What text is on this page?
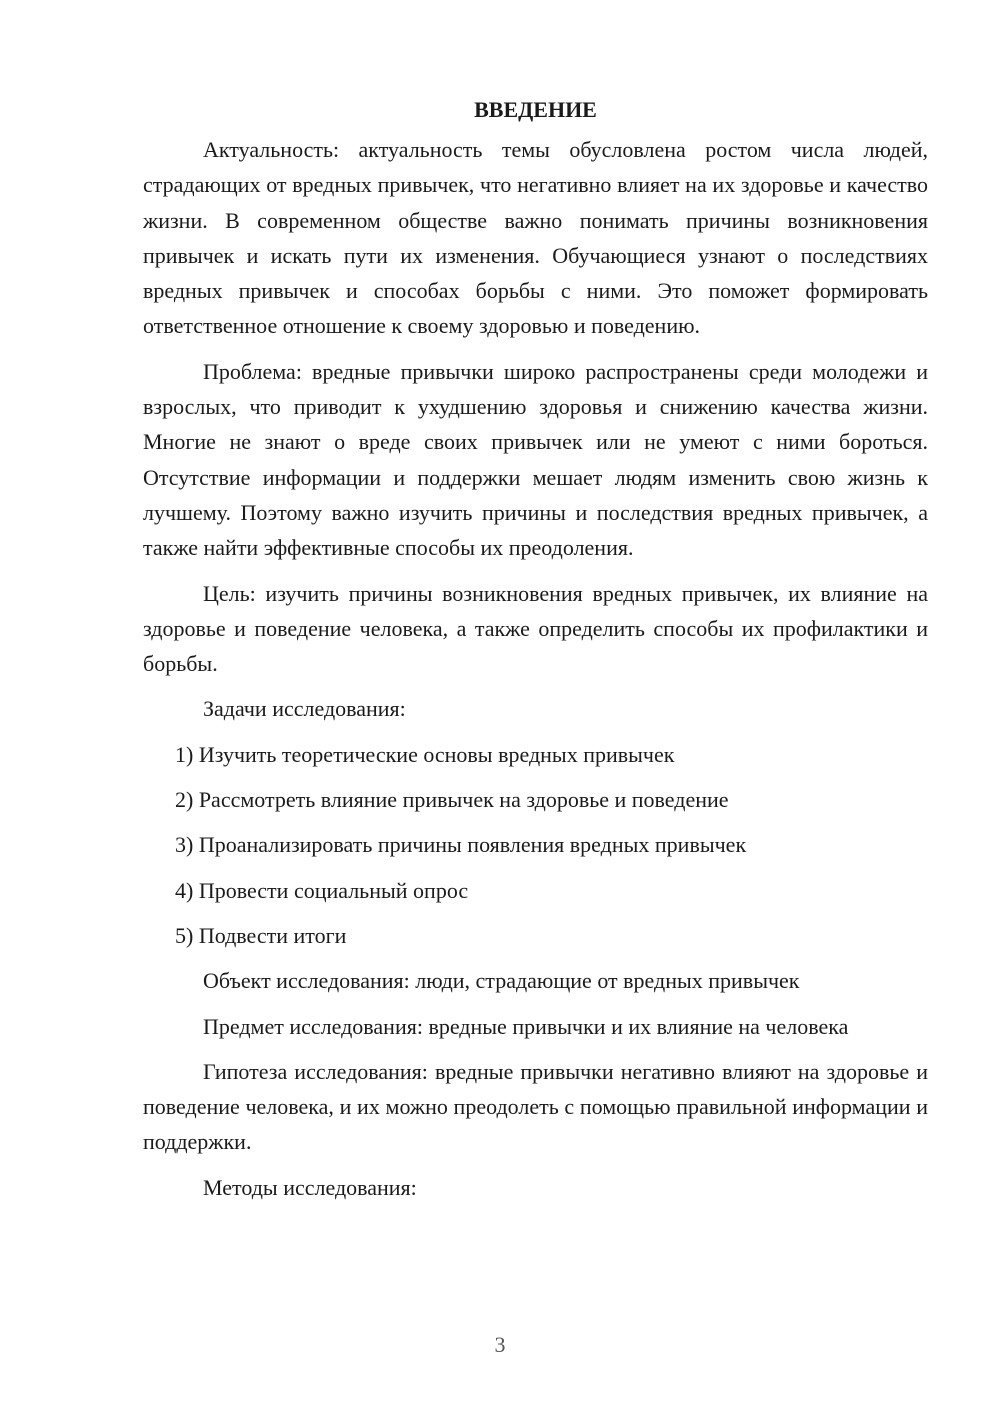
ВВЕДЕНИЕ

Актуальность: актуальность темы обусловлена ростом числа людей, страдающих от вредных привычек, что негативно влияет на их здоровье и качество жизни. В современном обществе важно понимать причины возникновения привычек и искать пути их изменения. Обучающиеся узнают о последствиях вредных привычек и способах борьбы с ними. Это поможет формировать ответственное отношение к своему здоровью и поведению.

Проблема: вредные привычки широко распространены среди молодежи и взрослых, что приводит к ухудшению здоровья и снижению качества жизни. Многие не знают о вреде своих привычек или не умеют с ними бороться. Отсутствие информации и поддержки мешает людям изменить свою жизнь к лучшему. Поэтому важно изучить причины и последствия вредных привычек, а также найти эффективные способы их преодоления.

Цель: изучить причины возникновения вредных привычек, их влияние на здоровье и поведение человека, а также определить способы их профилактики и борьбы.

Задачи исследования:

1) Изучить теоретические основы вредных привычек
2) Рассмотреть влияние привычек на здоровье и поведение
3) Проанализировать причины появления вредных привычек
4) Провести социальный опрос
5) Подвести итоги

Объект исследования: люди, страдающие от вредных привычек

Предмет исследования: вредные привычки и их влияние на человека

Гипотеза исследования: вредные привычки негативно влияют на здоровье и поведение человека, и их можно преодолеть с помощью правильной информации и поддержки.

Методы исследования:

3
